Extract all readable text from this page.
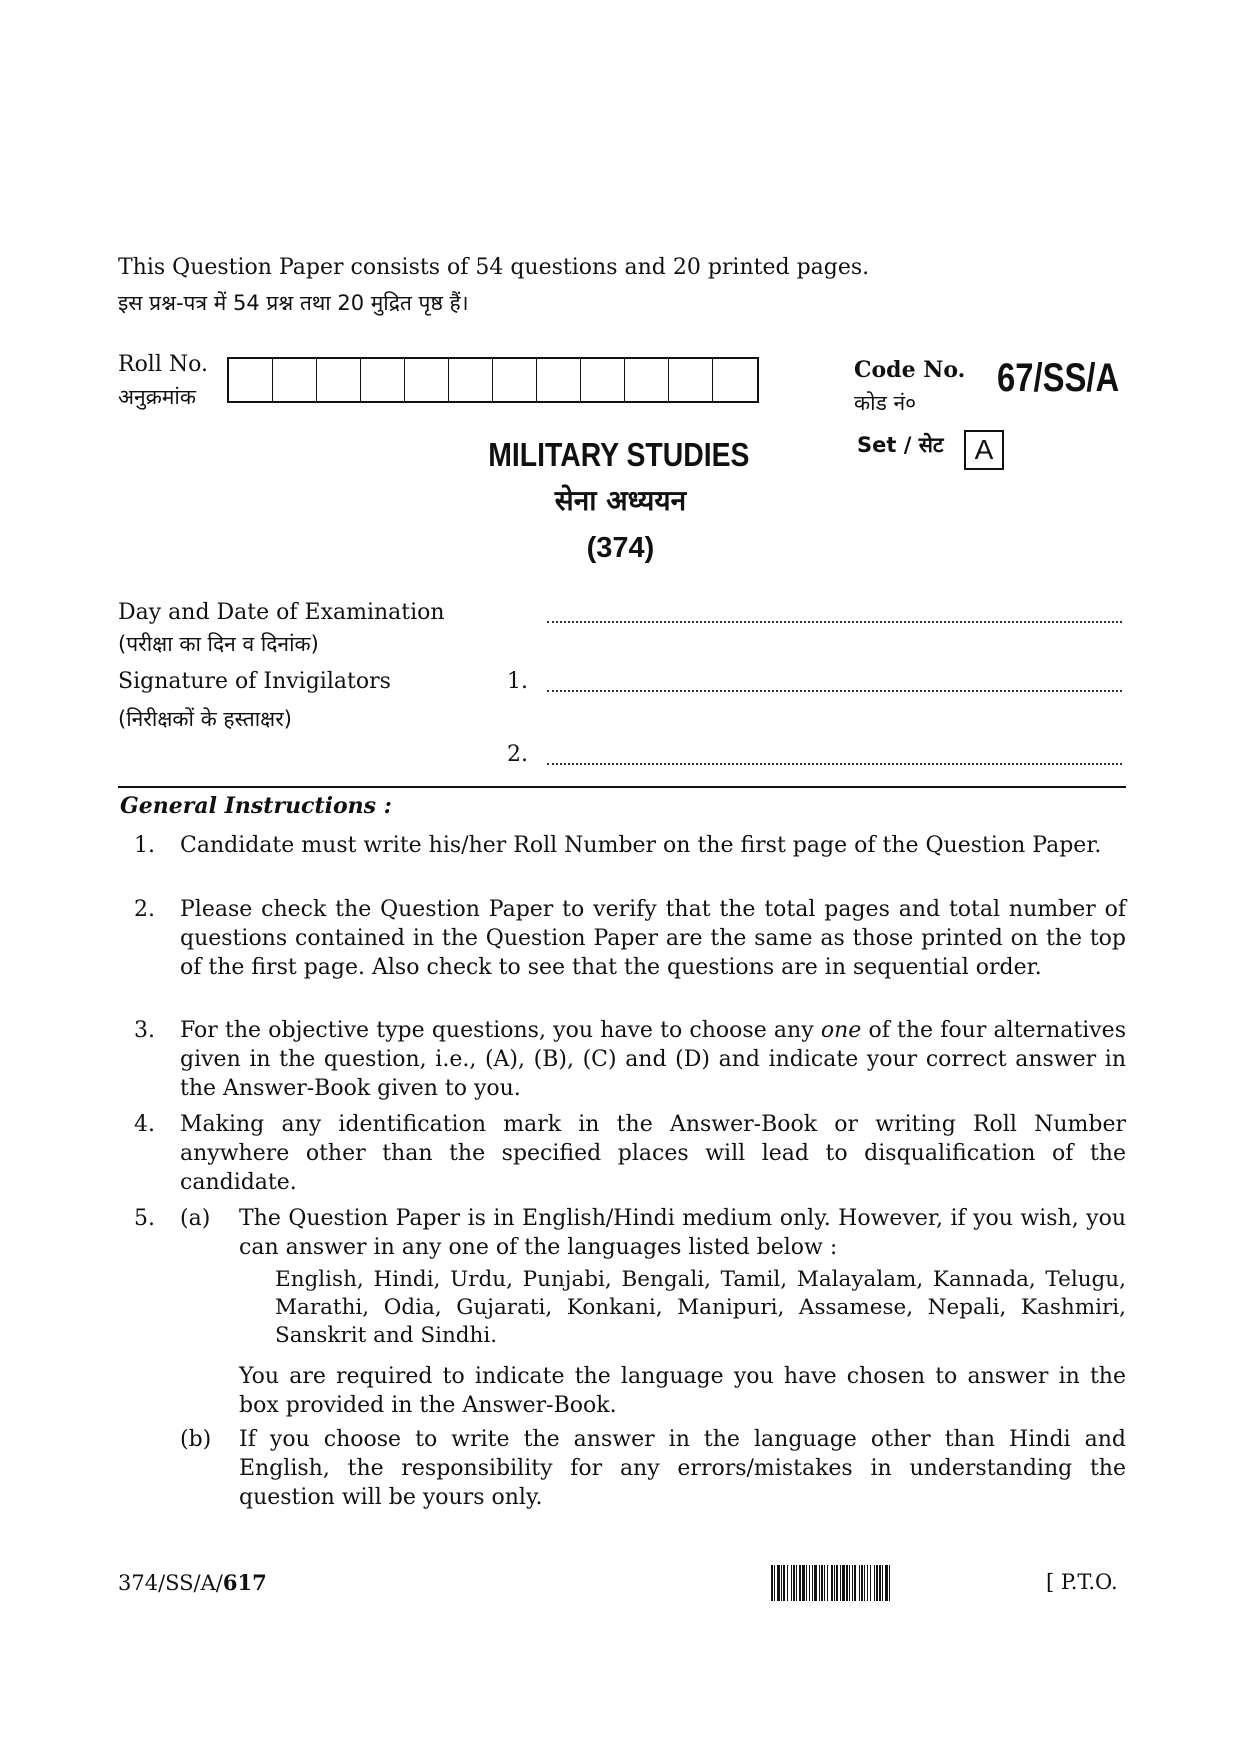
This Question Paper consists of 54 questions and 20 printed pages.
इस प्रश्न-पत्र में 54 प्रश्न तथा 20 मुद्रित पृष्ठ हैं।
Roll No.
अनुक्रमांक
Code No.
कोड नं०
67/SS/A
Set / सेट A
MILITARY STUDIES
सेना अध्ययन
(374)
Day and Date of Examination
(परीक्षा का दिन व दिनांक)
Signature of Invigilators
(निरीक्षकों के हस्ताक्षर)
1.
2.
General Instructions :
1. Candidate must write his/her Roll Number on the first page of the Question Paper.
2. Please check the Question Paper to verify that the total pages and total number of questions contained in the Question Paper are the same as those printed on the top of the first page. Also check to see that the questions are in sequential order.
3. For the objective type questions, you have to choose any one of the four alternatives given in the question, i.e., (A), (B), (C) and (D) and indicate your correct answer in the Answer-Book given to you.
4. Making any identification mark in the Answer-Book or writing Roll Number anywhere other than the specified places will lead to disqualification of the candidate.
5. (a) The Question Paper is in English/Hindi medium only. However, if you wish, you can answer in any one of the languages listed below :
English, Hindi, Urdu, Punjabi, Bengali, Tamil, Malayalam, Kannada, Telugu, Marathi, Odia, Gujarati, Konkani, Manipuri, Assamese, Nepali, Kashmiri, Sanskrit and Sindhi.
You are required to indicate the language you have chosen to answer in the box provided in the Answer-Book.
(b) If you choose to write the answer in the language other than Hindi and English, the responsibility for any errors/mistakes in understanding the question will be yours only.
374/SS/A/617	[ P.T.O.
